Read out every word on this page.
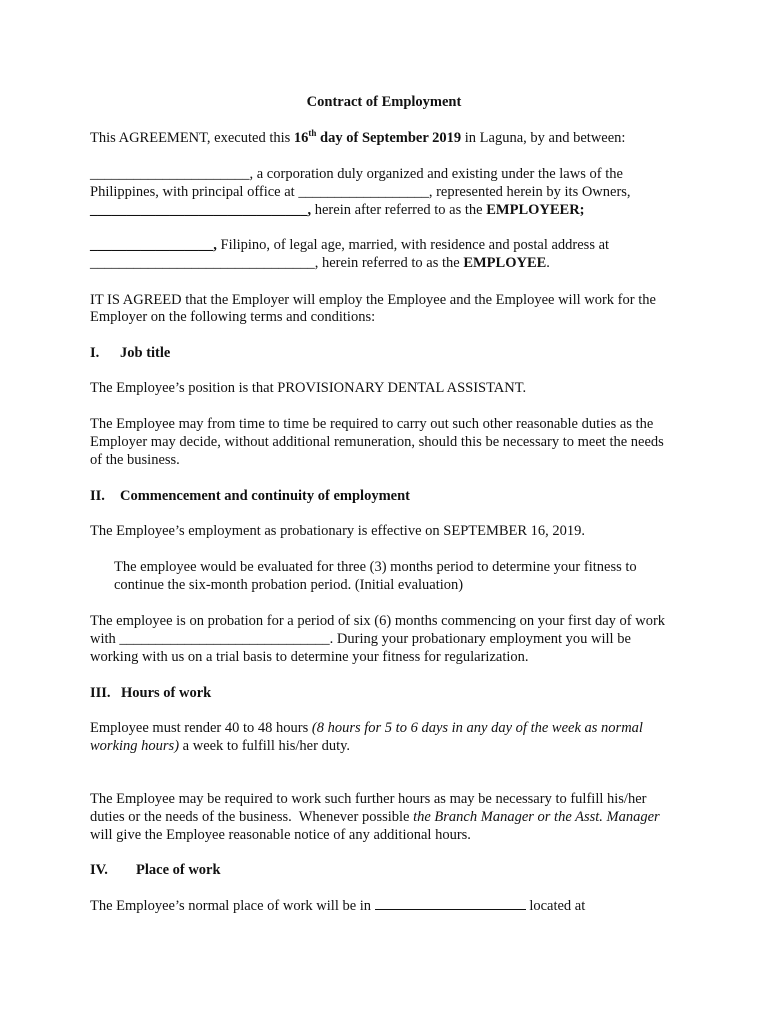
Contract of Employment
This AGREEMENT, executed this 16th day of September 2019 in Laguna, by and between:
______________________, a corporation duly organized and existing under the laws of the
Philippines, with principal office at __________________, represented herein by its Owners,
______________________________, herein after referred to as the EMPLOYEER;
_________________, Filipino, of legal age, married, with residence and postal address at
_______________________________, herein referred to as the EMPLOYEE.
IT IS AGREED that the Employer will employ the Employee and the Employee will work for the
Employer on the following terms and conditions:
I. Job title
The Employee’s position is that PROVISIONARY DENTAL ASSISTANT.
The Employee may from time to time be required to carry out such other reasonable duties as the
Employer may decide, without additional remuneration, should this be necessary to meet the needs
of the business.
II. Commencement and continuity of employment
The Employee’s employment as probationary is effective on SEPTEMBER 16, 2019.
The employee would be evaluated for three (3) months period to determine your fitness to
continue the six-month probation period. (Initial evaluation)
The employee is on probation for a period of six (6) months commencing on your first day of work
with _____________________________. During your probationary employment you will be
working with us on a trial basis to determine your fitness for regularization.
III. Hours of work
Employee must render 40 to 48 hours (8 hours for 5 to 6 days in any day of the week as normal
working hours) a week to fulfill his/her duty.
The Employee may be required to work such further hours as may be necessary to fulfill his/her
duties or the needs of the business.  Whenever possible the Branch Manager or the Asst. Manager
will give the Employee reasonable notice of any additional hours.
IV. Place of work
The Employee’s normal place of work will be in	located at
